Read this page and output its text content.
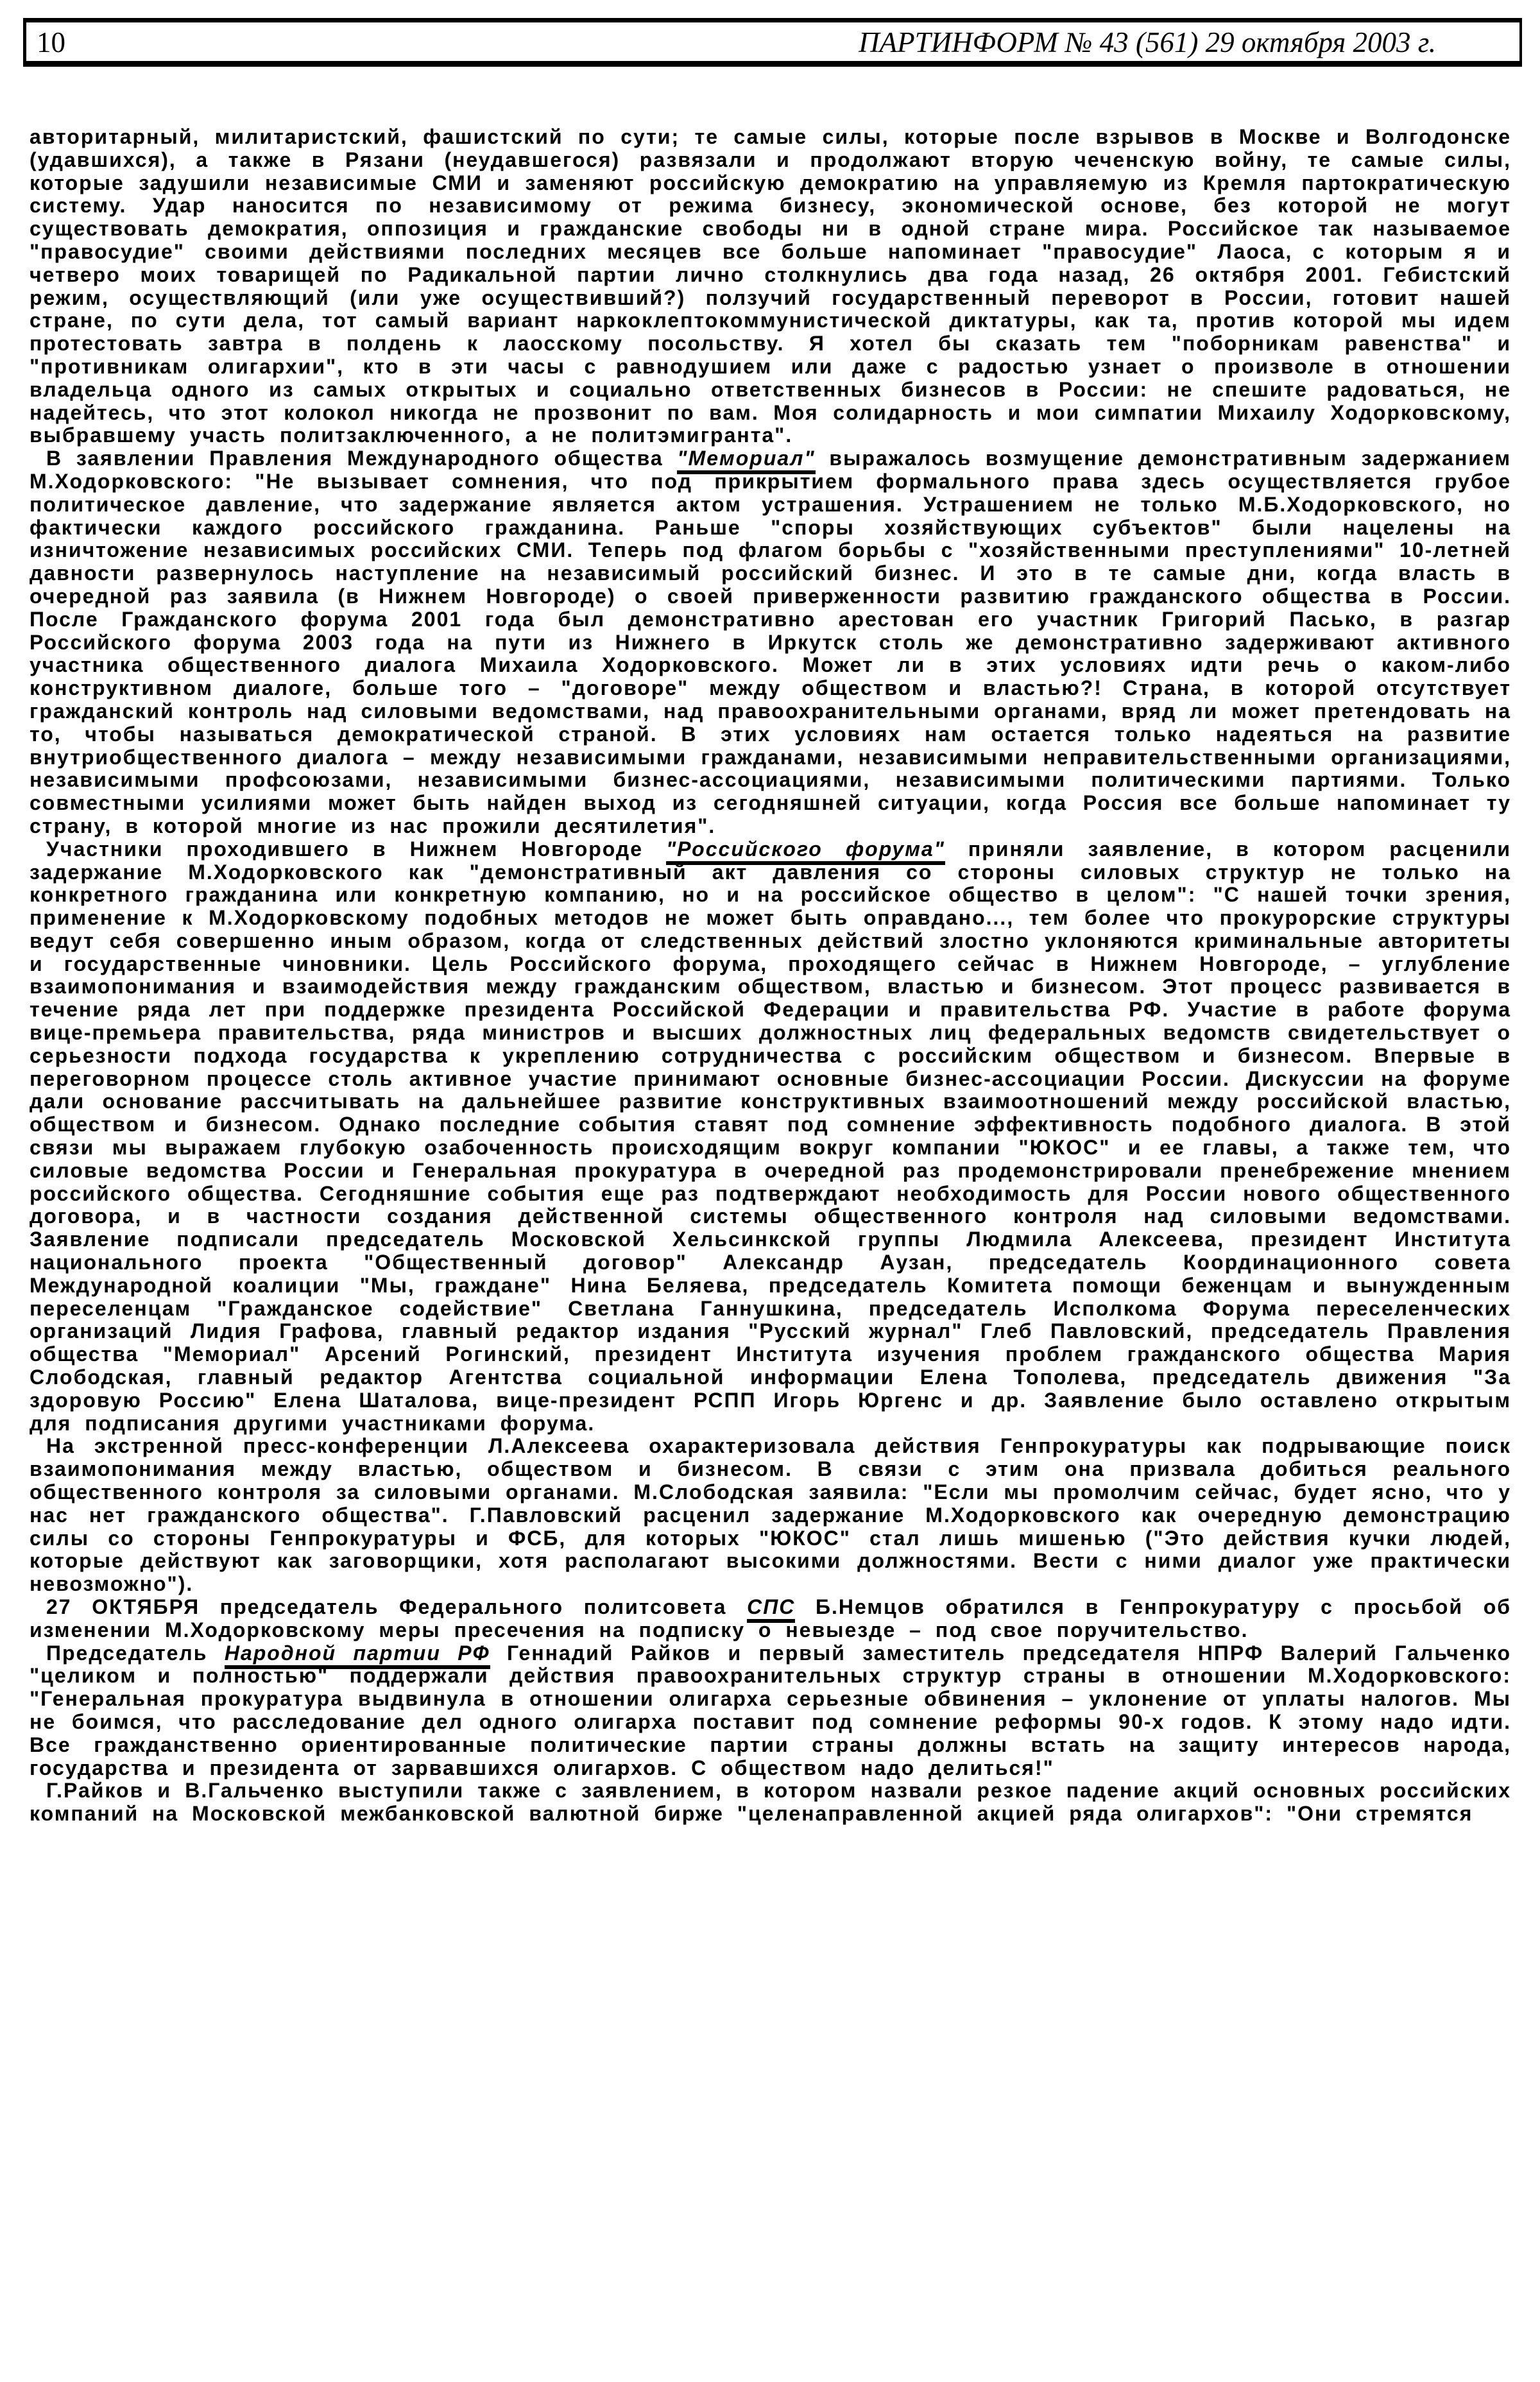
10	ПАРТИНФОРМ № 43 (561) 29 октября 2003 г.

авторитарный, милитаристский, фашистский по сути; те самые силы, которые после взрывов в Москве и Волгодонске (удавшихся), а также в Рязани (неудавшегося) развязали и продолжают вторую чеченскую войну, те самые силы, которые задушили независимые СМИ и заменяют российскую демократию на управляемую из Кремля партократическую систему. Удар наносится по независимому от режима бизнесу, экономической основе, без которой не могут существовать демократия, оппозиция и гражданские свободы ни в одной стране мира. Российское так называемое "правосудие" своими действиями последних месяцев все больше напоминает "правосудие" Лаоса, с которым я и четверо моих товарищей по Радикальной партии лично столкнулись два года назад, 26 октября 2001. Гебистский режим, осуществляющий (или уже осуществивший?) ползучий государственный переворот в России, готовит нашей стране, по сути дела, тот самый вариант наркоклептокоммунистической диктатуры, как та, против которой мы идем протестовать завтра в полдень к лаосскому посольству. Я хотел бы сказать тем "поборникам равенства" и "противникам олигархии", кто в эти часы с равнодушием или даже с радостью узнает о произволе в отношении владельца одного из самых открытых и социально ответственных бизнесов в России: не спешите радоваться, не надейтесь, что этот колокол никогда не прозвонит по вам. Моя солидарность и мои симпатии Михаилу Ходорковскому, выбравшему участь политзаключенного, а не политэмигранта".

В заявлении Правления Международного общества "Мемориал" выражалось возмущение демонстративным задержанием М.Ходорковского: "Не вызывает сомнения, что под прикрытием формального права здесь осуществляется грубое политическое давление, что задержание является актом устрашения. Устрашением не только М.Б.Ходорковского, но фактически каждого российского гражданина. Раньше "споры хозяйствующих субъектов" были нацелены на изничтожение независимых российских СМИ. Теперь под флагом борьбы с "хозяйственными преступлениями" 10-летней давности развернулось наступление на независимый российский бизнес. И это в те самые дни, когда власть в очередной раз заявила (в Нижнем Новгороде) о своей приверженности развитию гражданского общества в России. После Гражданского форума 2001 года был демонстративно арестован его участник Григорий Пасько, в разгар Российского форума 2003 года на пути из Нижнего в Иркутск столь же демонстративно задерживают активного участника общественного диалога Михаила Ходорковского. Может ли в этих условиях идти речь о каком-либо конструктивном диалоге, больше того – "договоре" между обществом и властью?! Страна, в которой отсутствует гражданский контроль над силовыми ведомствами, над правоохранительными органами, вряд ли может претендовать на то, чтобы называться демократической страной. В этих условиях нам остается только надеяться на развитие внутриобщественного диалога – между независимыми гражданами, независимыми неправительственными организациями, независимыми профсоюзами, независимыми бизнес-ассоциациями, независимыми политическими партиями. Только совместными усилиями может быть найден выход из сегодняшней ситуации, когда Россия все больше напоминает ту страну, в которой многие из нас прожили десятилетия".

Участники проходившего в Нижнем Новгороде "Российского форума" приняли заявление, в котором расценили задержание М.Ходорковского как "демонстративный акт давления со стороны силовых структур не только на конкретного гражданина или конкретную компанию, но и на российское общество в целом": "С нашей точки зрения, применение к М.Ходорковскому подобных методов не может быть оправдано..., тем более что прокурорские структуры ведут себя совершенно иным образом, когда от следственных действий злостно уклоняются криминальные авторитеты и государственные чиновники. Цель Российского форума, проходящего сейчас в Нижнем Новгороде, – углубление взаимопонимания и взаимодействия между гражданским обществом, властью и бизнесом. Этот процесс развивается в течение ряда лет при поддержке президента Российской Федерации и правительства РФ. Участие в работе форума вице-премьера правительства, ряда министров и высших должностных лиц федеральных ведомств свидетельствует о серьезности подхода государства к укреплению сотрудничества с российским обществом и бизнесом. Впервые в переговорном процессе столь активное участие принимают основные бизнес-ассоциации России. Дискуссии на форуме дали основание рассчитывать на дальнейшее развитие конструктивных взаимоотношений между российской властью, обществом и бизнесом. Однако последние события ставят под сомнение эффективность подобного диалога. В этой связи мы выражаем глубокую озабоченность происходящим вокруг компании "ЮКОС" и ее главы, а также тем, что силовые ведомства России и Генеральная прокуратура в очередной раз продемонстрировали пренебрежение мнением российского общества. Сегодняшние события еще раз подтверждают необходимость для России нового общественного договора, и в частности создания действенной системы общественного контроля над силовыми ведомствами. Заявление подписали председатель Московской Хельсинкской группы Людмила Алексеева, президент Института национального проекта "Общественный договор" Александр Аузан, председатель Координационного совета Международной коалиции "Мы, граждане" Нина Беляева, председатель Комитета помощи беженцам и вынужденным переселенцам "Гражданское содействие" Светлана Ганнушкина, председатель Исполкома Форума переселенческих организаций Лидия Графова, главный редактор издания "Русский журнал" Глеб Павловский, председатель Правления общества "Мемориал" Арсений Рогинский, президент Института изучения проблем гражданского общества Мария Слободская, главный редактор Агентства социальной информации Елена Тополева, председатель движения "За здоровую Россию" Елена Шаталова, вице-президент РСПП Игорь Юргенс и др. Заявление было оставлено открытым для подписания другими участниками форума.

На экстренной пресс-конференции Л.Алексеева охарактеризовала действия Генпрокуратуры как подрывающие поиск взаимопонимания между властью, обществом и бизнесом. В связи с этим она призвала добиться реального общественного контроля за силовыми органами. М.Слободская заявила: "Если мы промолчим сейчас, будет ясно, что у нас нет гражданского общества". Г.Павловский расценил задержание М.Ходорковского как очередную демонстрацию силы со стороны Генпрокуратуры и ФСБ, для которых "ЮКОС" стал лишь мишенью ("Это действия кучки людей, которые действуют как заговорщики, хотя располагают высокими должностями. Вести с ними диалог уже практически невозможно").

27 ОКТЯБРЯ председатель Федерального политсовета СПС Б.Немцов обратился в Генпрокуратуру с просьбой об изменении М.Ходорковскому меры пресечения на подписку о невыезде – под свое поручительство.

Председатель Народной партии РФ Геннадий Райков и первый заместитель председателя НПРФ Валерий Гальченко "целиком и полностью" поддержали действия правоохранительных структур страны в отношении М.Ходорковского: "Генеральная прокуратура выдвинула в отношении олигарха серьезные обвинения – уклонение от уплаты налогов. Мы не боимся, что расследование дел одного олигарха поставит под сомнение реформы 90-х годов. К этому надо идти. Все гражданственно ориентированные политические партии страны должны встать на защиту интересов народа, государства и президента от зарвавшихся олигархов. С обществом надо делиться!"

Г.Райков и В.Гальченко выступили также с заявлением, в котором назвали резкое падение акций основных российских компаний на Московской межбанковской валютной бирже "целенаправленной акцией ряда олигархов": "Они стремятся
